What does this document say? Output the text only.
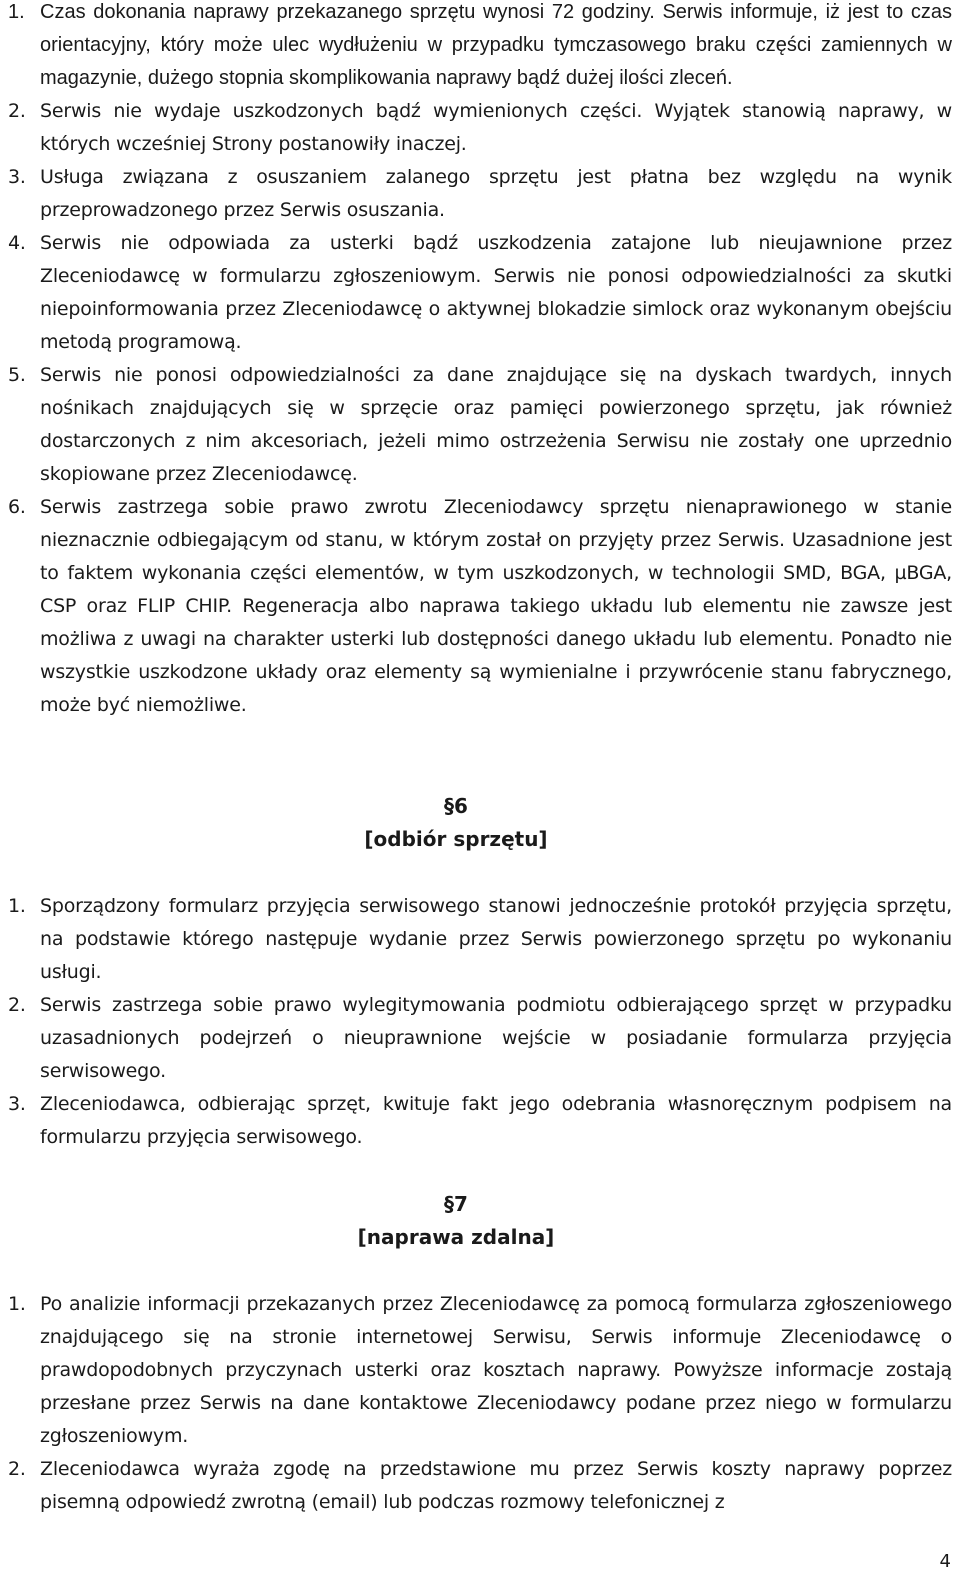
1. Czas dokonania naprawy przekazanego sprzętu wynosi 72 godziny. Serwis informuje, iż jest to czas orientacyjny, który może ulec wydłużeniu w przypadku tymczasowego braku części zamiennych w magazynie, dużego stopnia skomplikowania naprawy bądź dużej ilości zleceń.
2. Serwis nie wydaje uszkodzonych bądź wymienionych części. Wyjątek stanowią naprawy, w których wcześniej Strony postanowiły inaczej.
3. Usługa związana z osuszaniem zalanego sprzętu jest płatna bez względu na wynik przeprowadzonego przez Serwis osuszania.
4. Serwis nie odpowiada za usterki bądź uszkodzenia zatajone lub nieujawnione przez Zleceniodawcę w formularzu zgłoszeniowym. Serwis nie ponosi odpowiedzialności za skutki niepoinformowania przez Zleceniodawcę o aktywnej blokadzie simlock oraz wykonanym obejściu metodą programową.
5. Serwis nie ponosi odpowiedzialności za dane znajdujące się na dyskach twardych, innych nośnikach znajdujących się w sprzęcie oraz pamięci powierzonego sprzętu, jak również dostarczonych z nim akcesoriach, jeżeli mimo ostrzeżenia Serwisu nie zostały one uprzednio skopiowane przez Zleceniodawcę.
6. Serwis zastrzega sobie prawo zwrotu Zleceniodawcy sprzętu nienaprawionego w stanie nieznacznie odbiegającym od stanu, w którym został on przyjęty przez Serwis. Uzasadnione jest to faktem wykonania części elementów, w tym uszkodzonych, w technologii SMD, BGA, µBGA, CSP oraz FLIP CHIP. Regeneracja albo naprawa takiego układu lub elementu nie zawsze jest możliwa z uwagi na charakter usterki lub dostępności danego układu lub elementu. Ponadto nie wszystkie uszkodzone układy oraz elementy są wymienialne i przywrócenie stanu fabrycznego, może być niemożliwe.
§6
[odbiór sprzętu]
1. Sporządzony formularz przyjęcia serwisowego stanowi jednocześnie protokół przyjęcia sprzętu, na podstawie którego następuje wydanie przez Serwis powierzonego sprzętu po wykonaniu usługi.
2. Serwis zastrzega sobie prawo wylegitymowania podmiotu odbierającego sprzęt w przypadku uzasadnionych podejrzeń o nieuprawnione wejście w posiadanie formularza przyjęcia serwisowego.
3. Zleceniodawca, odbierając sprzęt, kwituje fakt jego odebrania własnoręcznym podpisem na formularzu przyjęcia serwisowego.
§7
[naprawa zdalna]
1. Po analizie informacji przekazanych przez Zleceniodawcę za pomocą formularza zgłoszeniowego znajdującego się na stronie internetowej Serwisu, Serwis informuje Zleceniodawcę o prawdopodobnych przyczynach usterki oraz kosztach naprawy. Powyższe informacje zostają przesłane przez Serwis na dane kontaktowe Zleceniodawcy podane przez niego w formularzu zgłoszeniowym.
2. Zleceniodawca wyraża zgodę na przedstawione mu przez Serwis koszty naprawy poprzez pisemną odpowiedź zwrotną (email) lub podczas rozmowy telefonicznej z
4
